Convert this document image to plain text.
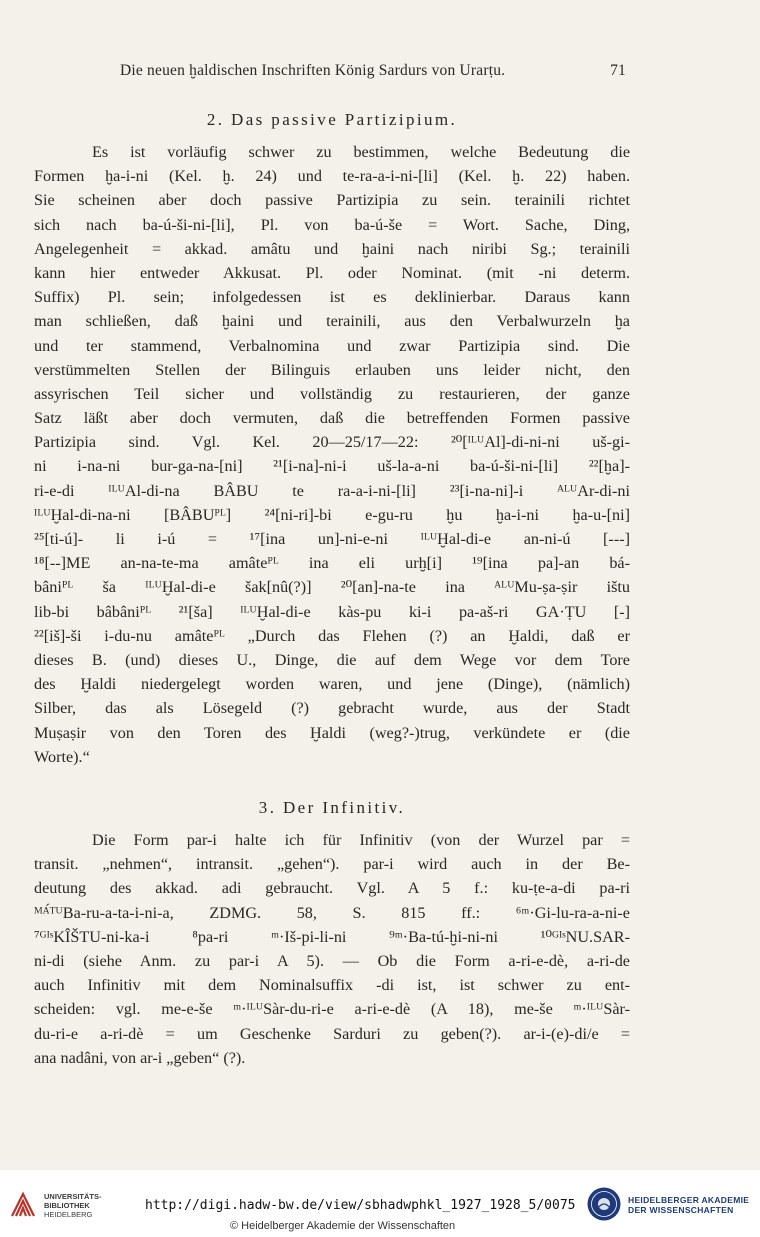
Die neuen ḫaldischen Inschriften König Sardurs von Urarṭu.	71
2. Das passive Partizipium.
Es ist vorläufig schwer zu bestimmen, welche Bedeutung die
Formen ḫa-i-ni (Kel. ḫ. 24) und te-ra-a-i-ni-[li] (Kel. ḫ. 22) haben.
Sie scheinen aber doch passive Partizipia zu sein. terainili richtet
sich nach ba-ú-ši-ni-[li], Pl. von ba-ú-še = Wort. Sache, Ding,
Angelegenheit = akkad. amâtu und ḫaini nach niribi Sg.; terainili
kann hier entweder Akkusat. Pl. oder Nominat. (mit -ni determ.
Suffix) Pl. sein; infolgedessen ist es deklinierbar. Daraus kann
man schließen, daß ḫaini und terainili, aus den Verbalwurzeln ḫa
und ter stammend, Verbalnomina und zwar Partizipia sind. Die
verstümmelten Stellen der Bilinguis erlauben uns leider nicht, den
assyrischen Teil sicher und vollständig zu restaurieren, der ganze
Satz läßt aber doch vermuten, daß die betreffenden Formen passive
Partizipia sind. Vgl. Kel. 20—25/17—22: ²⁰[ᴵᴸᵁAl]-di-ni-ni uš-gi-
ni i-na-ni bur-ga-na-[ni] ²¹[i-na]-ni-i uš-la-a-ni ba-ú-ši-ni-[li] ²²[ḫa]-
ri-e-di ᴵᴸᵁAl-di-na BÂBU te ra-a-i-ni-[li] ²³[i-na-ni]-i ᴬᴸᵁAr-di-ni
ᴵᴸᵁḪal-di-na-ni [BÂBUᴾᴸ] ²⁴[ni-ri]-bi e-gu-ru ḫu ḫa-i-ni ḫa-u-[ni]
²⁵[ti-ú]- li i-ú = ¹⁷[ina un]-ni-e-ni ᴵᴸᵁḪal-di-e an-ni-ú [---]
¹⁸[--]ME an-na-te-ma amâteᴾᴸ ina eli urḫ[i] ¹⁹[ina pa]-an bá-
bâniᴾᴸ ša ᴵᴸᵁḪal-di-e šak[nû(?)] ²⁰[an]-na-te ina ᴬᴸᵁMu-ṣa-ṣir ištu
lib-bi bâbâniᴾᴸ ²¹[ša] ᴵᴸᵁḪal-di-e kàs-pu ki-i pa-aš-ri GA·ṬU [-]
²²[iš]-ši i-du-nu amâteᴾᴸ „Durch das Flehen (?) an Ḫaldi, daß er
dieses B. (und) dieses U., Dinge, die auf dem Wege vor dem Tore
des Ḫaldi niedergelegt worden waren, und jene (Dinge), (nämlich)
Silber, das als Lösegeld (?) gebracht wurde, aus der Stadt
Muṣaṣir von den Toren des Ḫaldi (weg?-)trug, verkündete er (die
Worte).“
3. Der Infinitiv.
Die Form par-i halte ich für Infinitiv (von der Wurzel par =
transit. „nehmen“, intransit. „gehen“). par-i wird auch in der Be-
deutung des akkad. adi gebraucht. Vgl. A 5 f.: ku-ṭe-a-di pa-ri
ᴹᴬ́ᵀᵁBa-ru-a-ta-i-ni-a, ZDMG. 58, S. 815 ff.: ⁶ᵐ·Gi-lu-ra-a-ni-e
⁷ᴳᴵˢKÎŠTU-ni-ka-i ⁸pa-ri ᵐ·Iš-pi-li-ni ⁹ᵐ·Ba-tú-ḫi-ni-ni ¹⁰ᴳᴵˢNU.SAR-
ni-di (siehe Anm. zu par-i A 5). — Ob die Form a-ri-e-dè, a-ri-de
auch Infinitiv mit dem Nominalsuffix -di ist, ist schwer zu ent-
scheiden: vgl. me-e-še ᵐ·ᴵᴸᵁSàr-du-ri-e a-ri-e-dè (A 18), me-še ᵐ·ᴵᴸᵁSàr-
du-ri-e a-ri-dè = um Geschenke Sarduri zu geben(?). ar-i-(e)-di/e =
ana nadâni, von ar-i „geben“ (?).
UNIVERSITÄTS-
BIBLIOTHEK
HEIDELBERG
http://digi.hadw-bw.de/view/sbhadwphkl_1927_1928_5/0075
© Heidelberger Akademie der Wissenschaften
HEIDELBERGER AKADEMIE
DER WISSENSCHAFTEN
